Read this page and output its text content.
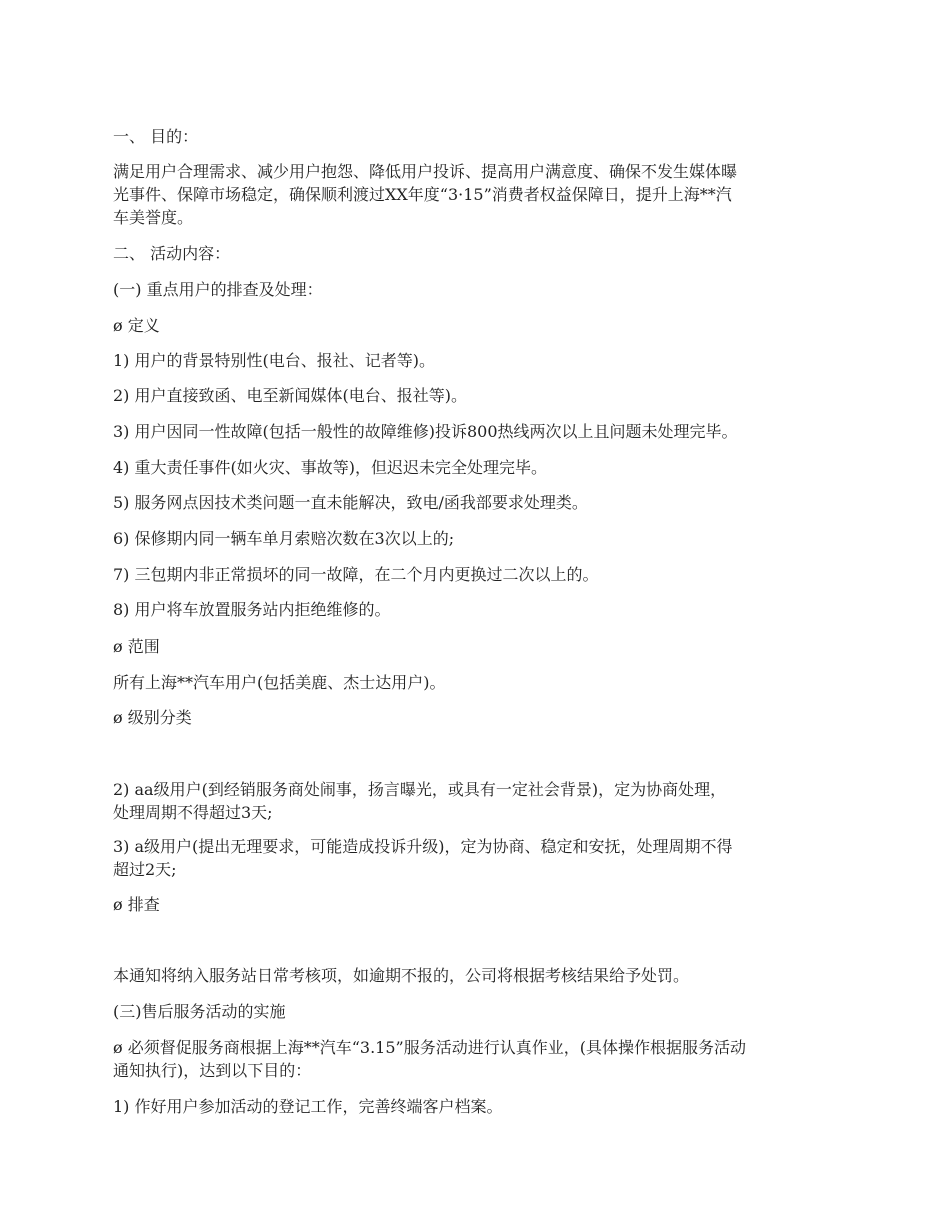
一、 目的：

满足用户合理需求、减少用户抱怨、降低用户投诉、提高用户满意度、确保不发生媒体曝

光事件、保障市场稳定，确保顺利渡过XX年度“3·15”消费者权益保障日，提升上海**汽

车美誉度。

二、 活动内容：

(一) 重点用户的排查及处理：

ø 定义

1) 用户的背景特别性(电台、报社、记者等)。

2) 用户直接致函、电至新闻媒体(电台、报社等)。

3) 用户因同一性故障(包括一般性的故障维修)投诉800热线两次以上且问题未处理完毕。

4) 重大责任事件(如火灾、事故等)，但迟迟未完全处理完毕。

5) 服务网点因技术类问题一直未能解决，致电/函我部要求处理类。

6) 保修期内同一辆车单月索赔次数在3次以上的;

7) 三包期内非正常损坏的同一故障，在二个月内更换过二次以上的。

8) 用户将车放置服务站内拒绝维修的。

ø 范围

所有上海**汽车用户(包括美鹿、杰士达用户)。

ø 级别分类

2) aa级用户(到经销服务商处闹事，扬言曝光，或具有一定社会背景)，定为协商处理，

处理周期不得超过3天;

3) a级用户(提出无理要求，可能造成投诉升级)，定为协商、稳定和安抚，处理周期不得

超过2天;

ø 排查

本通知将纳入服务站日常考核项，如逾期不报的，公司将根据考核结果给予处罚。

(三)售后服务活动的实施

ø 必须督促服务商根据上海**汽车“3.15”服务活动进行认真作业，(具体操作根据服务活动

通知执行)，达到以下目的：

1) 作好用户参加活动的登记工作，完善终端客户档案。
